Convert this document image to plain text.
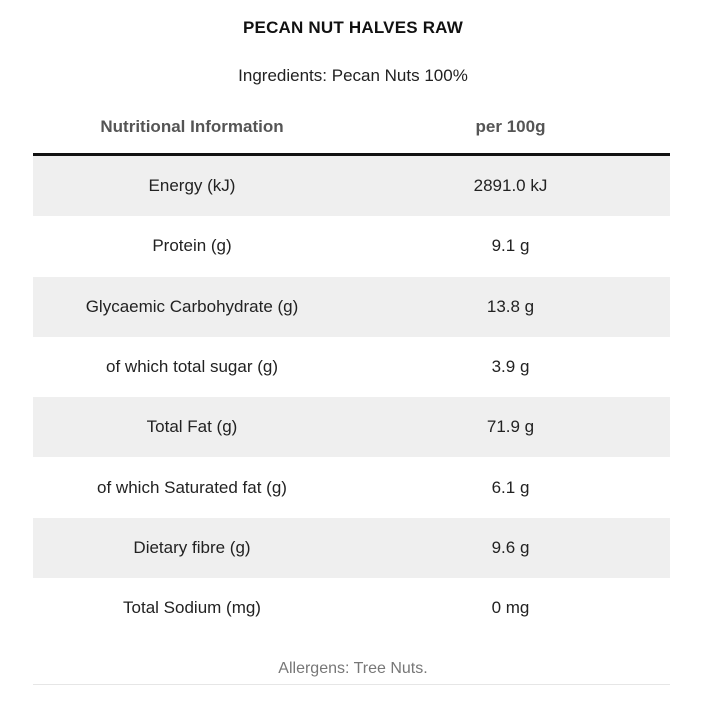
PECAN NUT HALVES RAW
Ingredients: Pecan Nuts 100%
Nutritional Information	per 100g
Energy (kJ)	2891.0 kJ
Protein (g)	9.1 g
Glycaemic Carbohydrate (g)	13.8 g
of which total sugar (g)	3.9 g
Total Fat (g)	71.9 g
of which Saturated fat (g)	6.1 g
Dietary fibre (g)	9.6 g
Total Sodium (mg)	0 mg
Allergens: Tree Nuts.
